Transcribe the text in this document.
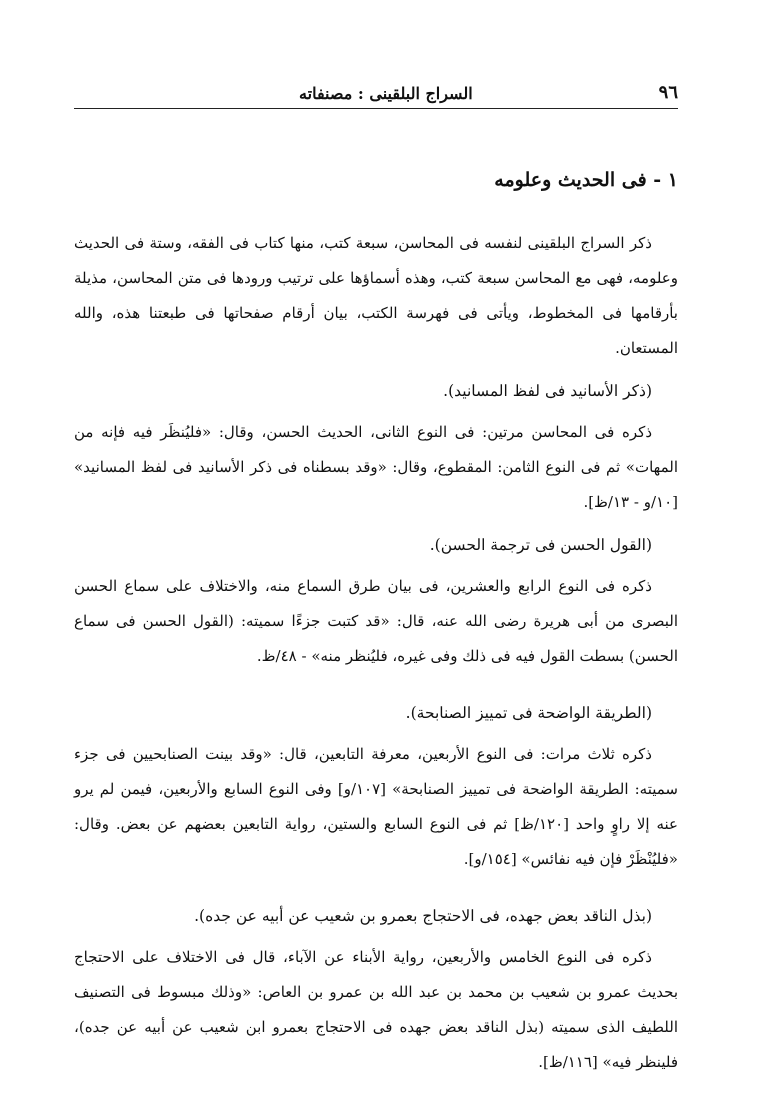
٩٦
السراج البلقينى : مصنفاته
١ - فى الحديث وعلومه

ذكر السراج البلقينى لنفسه فى المحاسن، سبعة كتب، منها كتاب فى الفقه، وستة فى الحديث وعلومه، فهى مع المحاسن سبعة كتب، وهذه أسماؤها على ترتيب ورودها فى متن المحاسن، مذيلة بأرقامها فى المخطوط، ويأتى فى فهرسة الكتب، بيان أرقام صفحاتها فى طبعتنا هذه، والله المستعان.

(ذكر الأسانيد فى لفظ المسانيد).

ذكره فى المحاسن مرتين: فى النوع الثانى، الحديث الحسن، وقال: «فليُنظَر فيه فإنه من المهات» ثم فى النوع الثامن: المقطوع، وقال: «وقد بسطناه فى ذكر الأسانيد فى لفظ المسانيد» [١٠/و - ١٣/ظ].

(القول الحسن فى ترجمة الحسن).

ذكره فى النوع الرابع والعشرين، فى بيان طرق السماع منه، والاختلاف على سماع الحسن البصرى من أبى هريرة رضى الله عنه، قال: «قد كتبت جزءًا سميته: (القول الحسن فى سماع الحسن) بسطت القول فيه فى ذلك وفى غيره، فليُنظر منه» - ٤٨/ظ.

(الطريقة الواضحة فى تمييز الصنابحة).

ذكره ثلاث مرات: فى النوع الأربعين، معرفة التابعين، قال: «وقد بينت الصنابحيين فى جزء سميته: الطريقة الواضحة فى تمييز الصنابحة» [١٠٧/و] وفى النوع السابع والأربعين، فيمن لم يرو عنه إلا راوٍ واحد [١٢٠/ظ] ثم فى النوع السابع والستين، رواية التابعين بعضهم عن بعض. وقال: «فليُنْظَرْ فإن فيه نفائس» [١٥٤/و].

(بذل الناقد بعض جهده، فى الاحتجاج بعمرو بن شعيب عن أبيه عن جده).

ذكره فى النوع الخامس والأربعين، رواية الأبناء عن الآباء، قال فى الاختلاف على الاحتجاج بحديث عمرو بن شعيب بن محمد بن عبد الله بن عمرو بن العاص: «وذلك مبسوط فى التصنيف اللطيف الذى سميته (بذل الناقد بعض جهده فى الاحتجاج بعمرو ابن شعيب عن أبيه عن جده)، فلينظر فيه» [١١٦/ظ].
